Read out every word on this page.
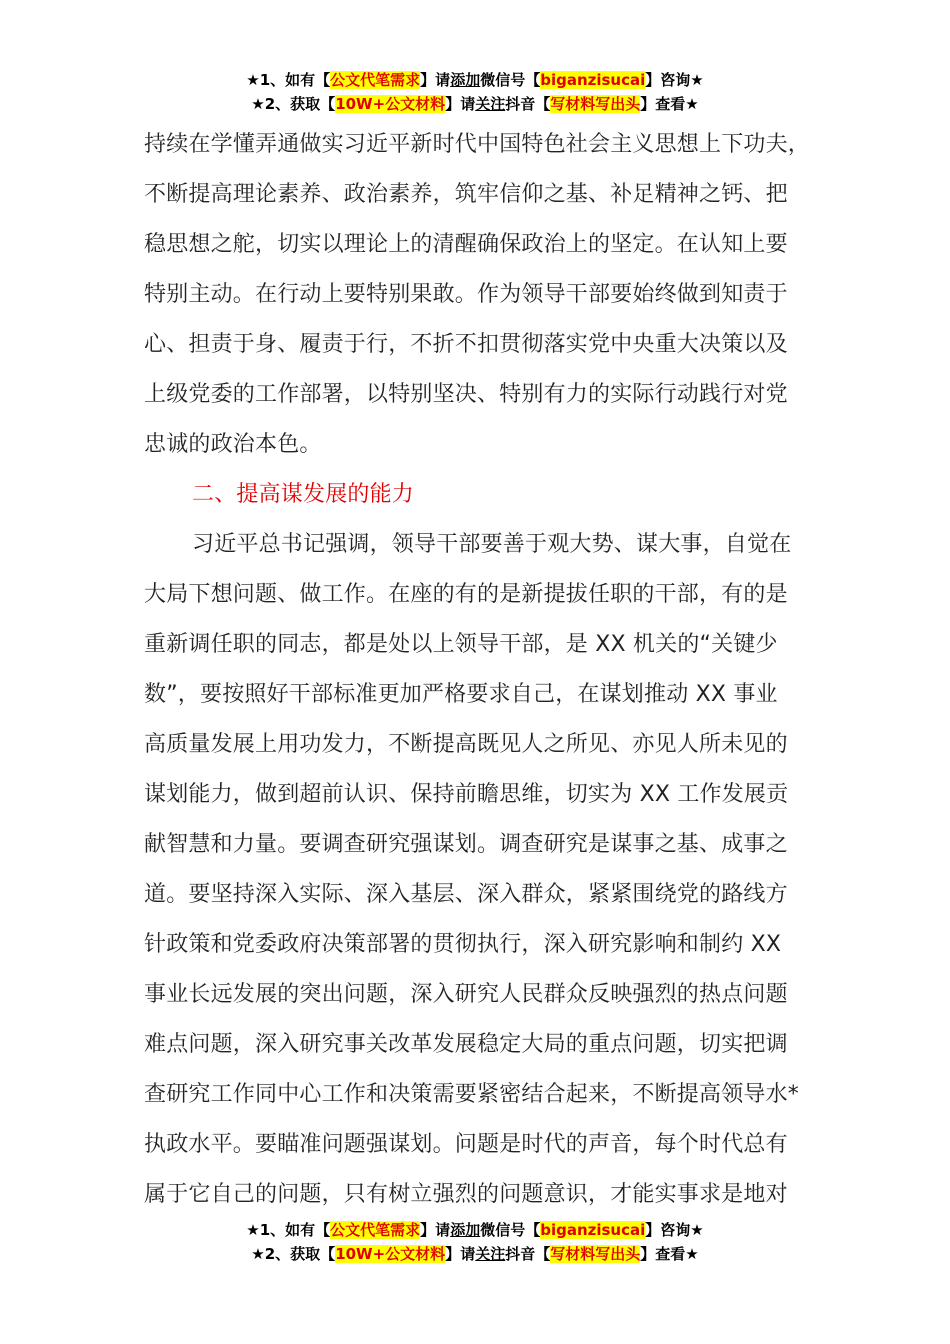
★1、如有【公文代笔需求】请添加微信号【biganzisucai】咨询★
★2、获取【10W+公文材料】请关注抖音【写材料写出头】查看★
持续在学懂弄通做实习近平新时代中国特色社会主义思想上下功夫，
不断提高理论素养、政治素养，筑牢信仰之基、补足精神之钙、把
稳思想之舵，切实以理论上的清醒确保政治上的坚定。在认知上要
特别主动。在行动上要特别果敢。作为领导干部要始终做到知责于
心、担责于身、履责于行，不折不扣贯彻落实党中央重大决策以及
上级党委的工作部署，以特别坚决、特别有力的实际行动践行对党
忠诚的政治本色。
二、提高谋发展的能力
习近平总书记强调，领导干部要善于观大势、谋大事，自觉在
大局下想问题、做工作。在座的有的是新提拔任职的干部，有的是
重新调任职的同志，都是处以上领导干部，是 XX 机关的“关键少
数”，要按照好干部标准更加严格要求自己，在谋划推动 XX 事业
高质量发展上用功发力，不断提高既见人之所见、亦见人所未见的
谋划能力，做到超前认识、保持前瞻思维，切实为 XX 工作发展贡
献智慧和力量。要调查研究强谋划。调查研究是谋事之基、成事之
道。要坚持深入实际、深入基层、深入群众，紧紧围绕党的路线方
针政策和党委政府决策部署的贯彻执行，深入研究影响和制约 XX
事业长远发展的突出问题，深入研究人民群众反映强烈的热点问题
难点问题，深入研究事关改革发展稳定大局的重点问题，切实把调
查研究工作同中心工作和决策需要紧密结合起来，不断提高领导水*
执政水平。要瞄准问题强谋划。问题是时代的声音，每个时代总有
属于它自己的问题，只有树立强烈的问题意识，才能实事求是地对
★1、如有【公文代笔需求】请添加微信号【biganzisucai】咨询★
★2、获取【10W+公文材料】请关注抖音【写材料写出头】查看★
